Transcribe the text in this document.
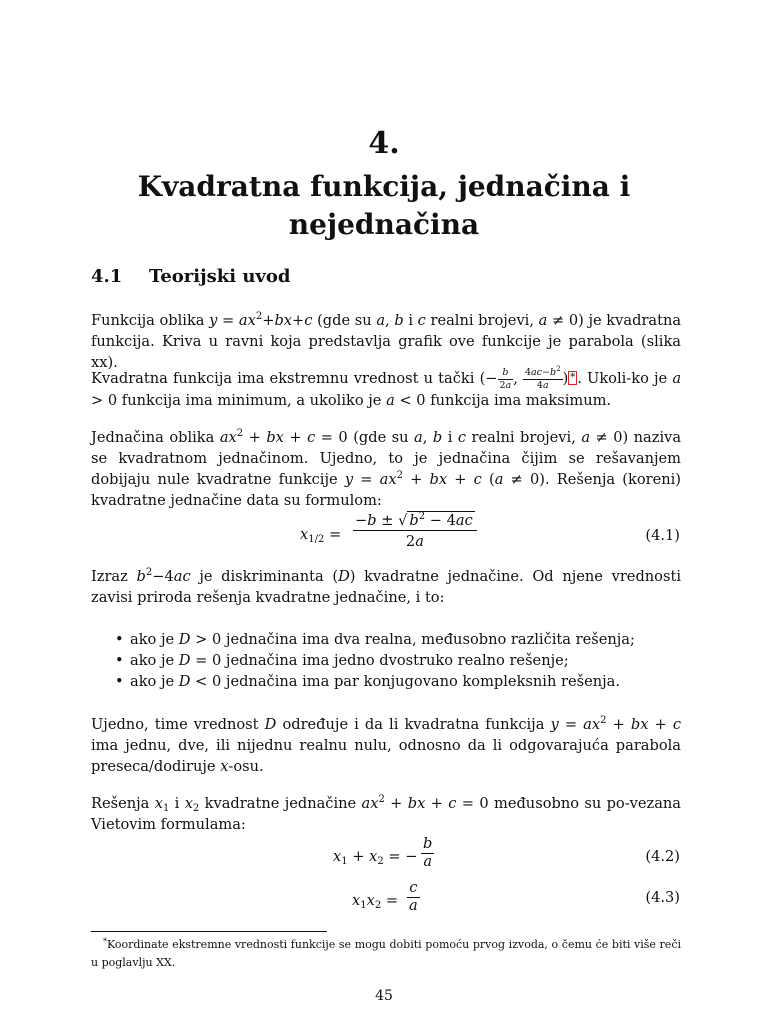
4.
Kvadratna funkcija, jednačina i nejednačina
4.1 Teorijski uvod
Funkcija oblika $y = ax^2+bx+c$ (gde su a, b i c realni brojevi, a ≠ 0) je kvadratna funkcija. Kriva u ravni koja predstavlja grafik ove funkcije je parabola (slika xx).
Kvadratna funkcija ima ekstremnu vrednost u tački (− $\frac{b}{2a}$ , $\frac{4ac-b^2}{4a}$ ) * . Ukoli-ko je a > 0 funkcija ima minimum, a ukoliko je a < 0 funkcija ima maksimum.
Jednačina oblika $ax^2$ + bx + c = 0 (gde su a, b i c realni brojevi, a ≠ 0) naziva se kvadratnom jednačinom. Ujedno, to je jednačina čijim se rešavanjem dobijaju nule kvadratne funkcije $y = ax^2$ + bx + c (a ≠ 0). Rešenja (koreni) kvadratne jednačine data su formulom:
$x_{1/2} = \frac{-b \pm √ b^2 - 4ac}{2a}$	(4.1)
Izraz $b^2-4ac$ je diskriminanta (D) kvadratne jednačine. Od njene vrednosti zavisi priroda rešenja kvadratne jednačine, i to:
• ako je D > 0 jednačina ima dva realna, međusobno različita rešenja;
• ako je D = 0 jednačina ima jedno dvostruko realno rešenje;
• ako je D < 0 jednačina ima par konjugovano kompleksnih rešenja.
Ujedno, time vrednost D određuje i da li kvadratna funkcija $y = ax^2$ + bx + c ima jednu, dve, ili nijednu realnu nulu, odnosno da li odgovarajuća parabola preseca/dodiruje x-osu.
Rešenja $x_1$ i $x_2$ kvadratne jednačine $ax^2$ + bx + c = 0 međusobno su po-vezana Vietovim formulama:
$x_1 + x_2$ = − $\frac{b}{a}$	(4.2)
$x_1x_2 = \frac{c}{a}$	(4.3)
*Koordinate ekstremne vrednosti funkcije se mogu dobiti pomoću prvog izvoda, o čemu će biti više reči u poglavlju XX.
45
